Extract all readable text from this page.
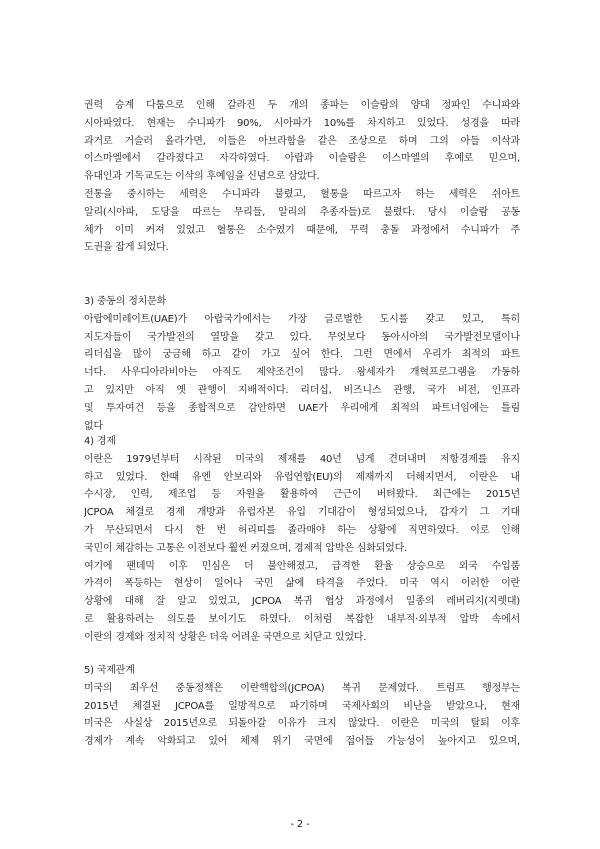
권력 승계 다툼으로 인해 갈라진 두 개의 종파는 이슬람의 양대 정파인 수니파와
시아파였다. 현재는 수니파가 90%, 시아파가 10%를 차지하고 있었다. 성경을 따라
과거로 거슬러 올라가면, 이들은 아브라함을 같은 조상으로 하며 그의 아들 이삭과
이스마엘에서 갈라졌다고 자각하였다. 아랍과 이슬람은 이스마엘의 후예로 믿으며,
유대인과 기독교도는 이삭의 후예임을 신념으로 삼았다.
전통을 중시하는 세력은 수니파라 불렸고, 혈통을 따르고자 하는 세력은 쉬아트
알리(시아파, 도당을 따르는 무리들, 알리의 추종자들)로 불렸다. 당시 이슬람 공동
체가 이미 커져 있었고 혈통은 소수였기 때문에, 무력 충돌 과정에서 수니파가 주
도권을 잡게 되었다.
3) 중동의 정치문화
아랍에미레이트(UAE)가 아랍국가에서는 가장 글로벌한 도시를 갖고 있고, 특히
지도자들이 국가발전의 열망을 갖고 있다. 무엇보다 동아시아의 국가발전모델이나
리더십을 많이 궁금해 하고 같이 가고 싶어 한다. 그런 면에서 우리가 최적의 파트
너다. 사우디아라비아는 아직도 제약조건이 많다. 왕세자가 개혁프로그램을 가동하
고 있지만 아직 옛 관행이 지배적이다. 리더십, 비즈니스 관행, 국가 비전, 인프라
및 투자여건 등을 종합적으로 감안하면 UAE가 우리에게 최적의 파트너임에는 틀림
없다
4) 경제
이란은 1979년부터 시작된 미국의 제재를 40년 넘게 견뎌내며 저항경제를 유지
하고 있었다. 한때 유엔 안보리와 유럽연합(EU)의 제재까지 더해지면서, 이란은 내
수시장, 인력, 제조업 등 자원을 활용하여 근근이 버텨왔다. 최근에는 2015년
JCPOA 체결로 경제 개방과 유럽자본 유입 기대감이 형성되었으나, 갑자기 그 기대
가 무산되면서 다시 한 번 허리띠를 졸라매야 하는 상황에 직면하였다. 이로 인해
국민이 체감하는 고통은 이전보다 훨씬 커졌으며, 경제적 압박은 심화되었다.
여기에 팬데믹 이후 민심은 더 불안해졌고, 급격한 환율 상승으로 외국 수입품
가격이 폭등하는 현상이 일어나 국민 삶에 타격을 주었다. 미국 역시 이러한 이란
상황에 대해 잘 알고 있었고, JCPOA 복귀 협상 과정에서 일종의 레버리지(지렛대)
로 활용하려는 의도를 보이기도 하였다. 이처럼 복잡한 내부적·외부적 압박 속에서
이란의 경제와 정치적 상황은 더욱 어려운 국면으로 치닫고 있었다.
5) 국제관계
미국의 최우선 중동정책은 이란핵합의(JCPOA) 복귀 문제였다. 트럼프 행정부는
2015년 체결된 JCPOA를 일방적으로 파기하며 국제사회의 비난을 받았으나, 현재
미국은 사실상 2015년으로 되돌아갈 이유가 크지 않았다. 이란은 미국의 탈퇴 이후
경제가 계속 악화되고 있어 체제 위기 국면에 접어들 가능성이 높아지고 있으며,
- 2 -
